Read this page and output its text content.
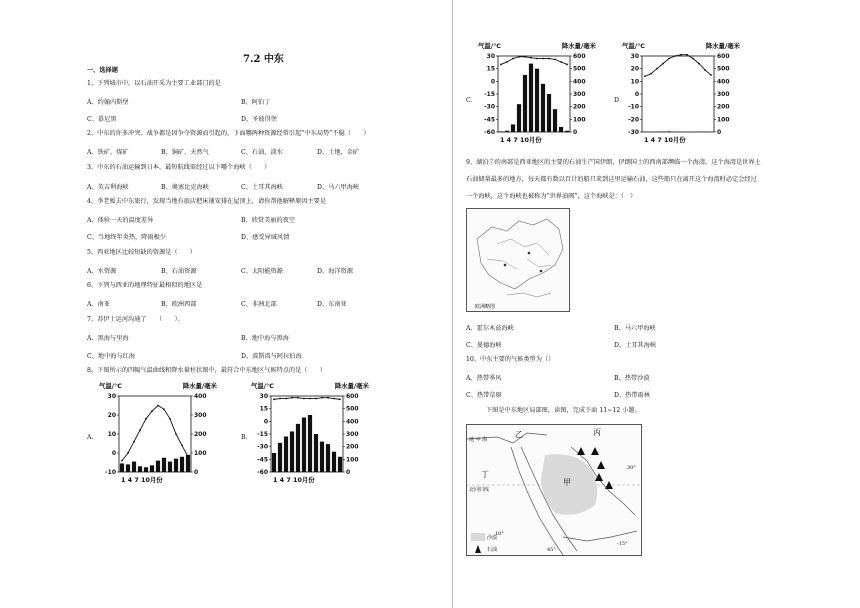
7.2 中东
一、选择题
1、下列城市中，以石油开采为主要工业部门的是
A、约翰内斯堡	B、阿伯丁
C、慕尼黑	D、圣彼得堡
2、中东的许多冲突、战争都是因争夺资源而引起的，下面哪两种资源经常引起“中东局势”不稳（　　）
A、铁矿，煤矿	B、铜矿，天然气	C、石油，淡水	D、土地，金矿
3、中东的石油运输到日本，最短航线需经过以下哪个海峡（　　）
A、英吉利海峡	B、奥塞比克海峡	C、土耳其海峡	D、马六甲海峡
4、李老板去中东旅行，发现当地有旅店把床铺安排在屋顶上，请你帮他解释原因主要是
A、体验一天的温度差异	B、欣赏美丽的夜空
C、当地终年炎热，降雨极少	D、感受异域风情
5、西亚地区比较短缺的资源是（　　）
A、水资源	B、石油资源	C、太阳能资源	D、海洋资源
6、下列与西亚的地理特征最相似的地区是
A、南亚	B、欧洲西部	C、非洲北部	D、东南亚
7、苏伊士运河沟通了　　（　　）。
A、黑海与里海	B、地中海与黑海
C、地中海与红海	D、波斯湾与阿拉伯海
8、下图所示的四幅气温曲线和降水量柱状图中，最符合中东地区气候特点的是（　　）
A．
气温/°C	降水量/毫米
-10
0
10
20
30
0
100
200
300
400
1 4 7 10月份
B．
气温/°C	降水量/毫米
-60
-45
-30
-15
0
15
30
0
100
200
300
400
500
600
1 4 7 10月份
C．
气温/°C	降水量/毫米
-60
-45
-30
-15
0
15
30
0
100
200
300
400
500
600
1 4 7 10月份
D．
气温/°C	降水量/毫米
-30
-20
-10
0
10
20
30
0
100
200
300
400
500
600
1 4 7 10月份
9、湖泊⑦的南部是西亚地区的主要的石油生产国伊朗，伊朗国土的西南部濒临一个海湾，这个海湾是世界上
石油储量最多的地方，每天都有数以百计的船只来到这里运输石油，这些船只在离开这个海湾时必定会经过
一个海峡，这个海峡也被称为“世界油阀”，这个海峡是：（　）
欧洲略图
A、霍尔木兹海峡	B、马六甲海峡
C、曼德海峡	D、土耳其海峡
10、中东主要的气候类型为（）
A、热带季风	B、热带沙漠
C、热带草原	D、热带雨林
下图是中东地区局部图，读图，完成下面 11~12 小题。
地 中 海
乙	丙
丁
甲
北回归线
30°
10°
-15°
45°
沙漠
石油
